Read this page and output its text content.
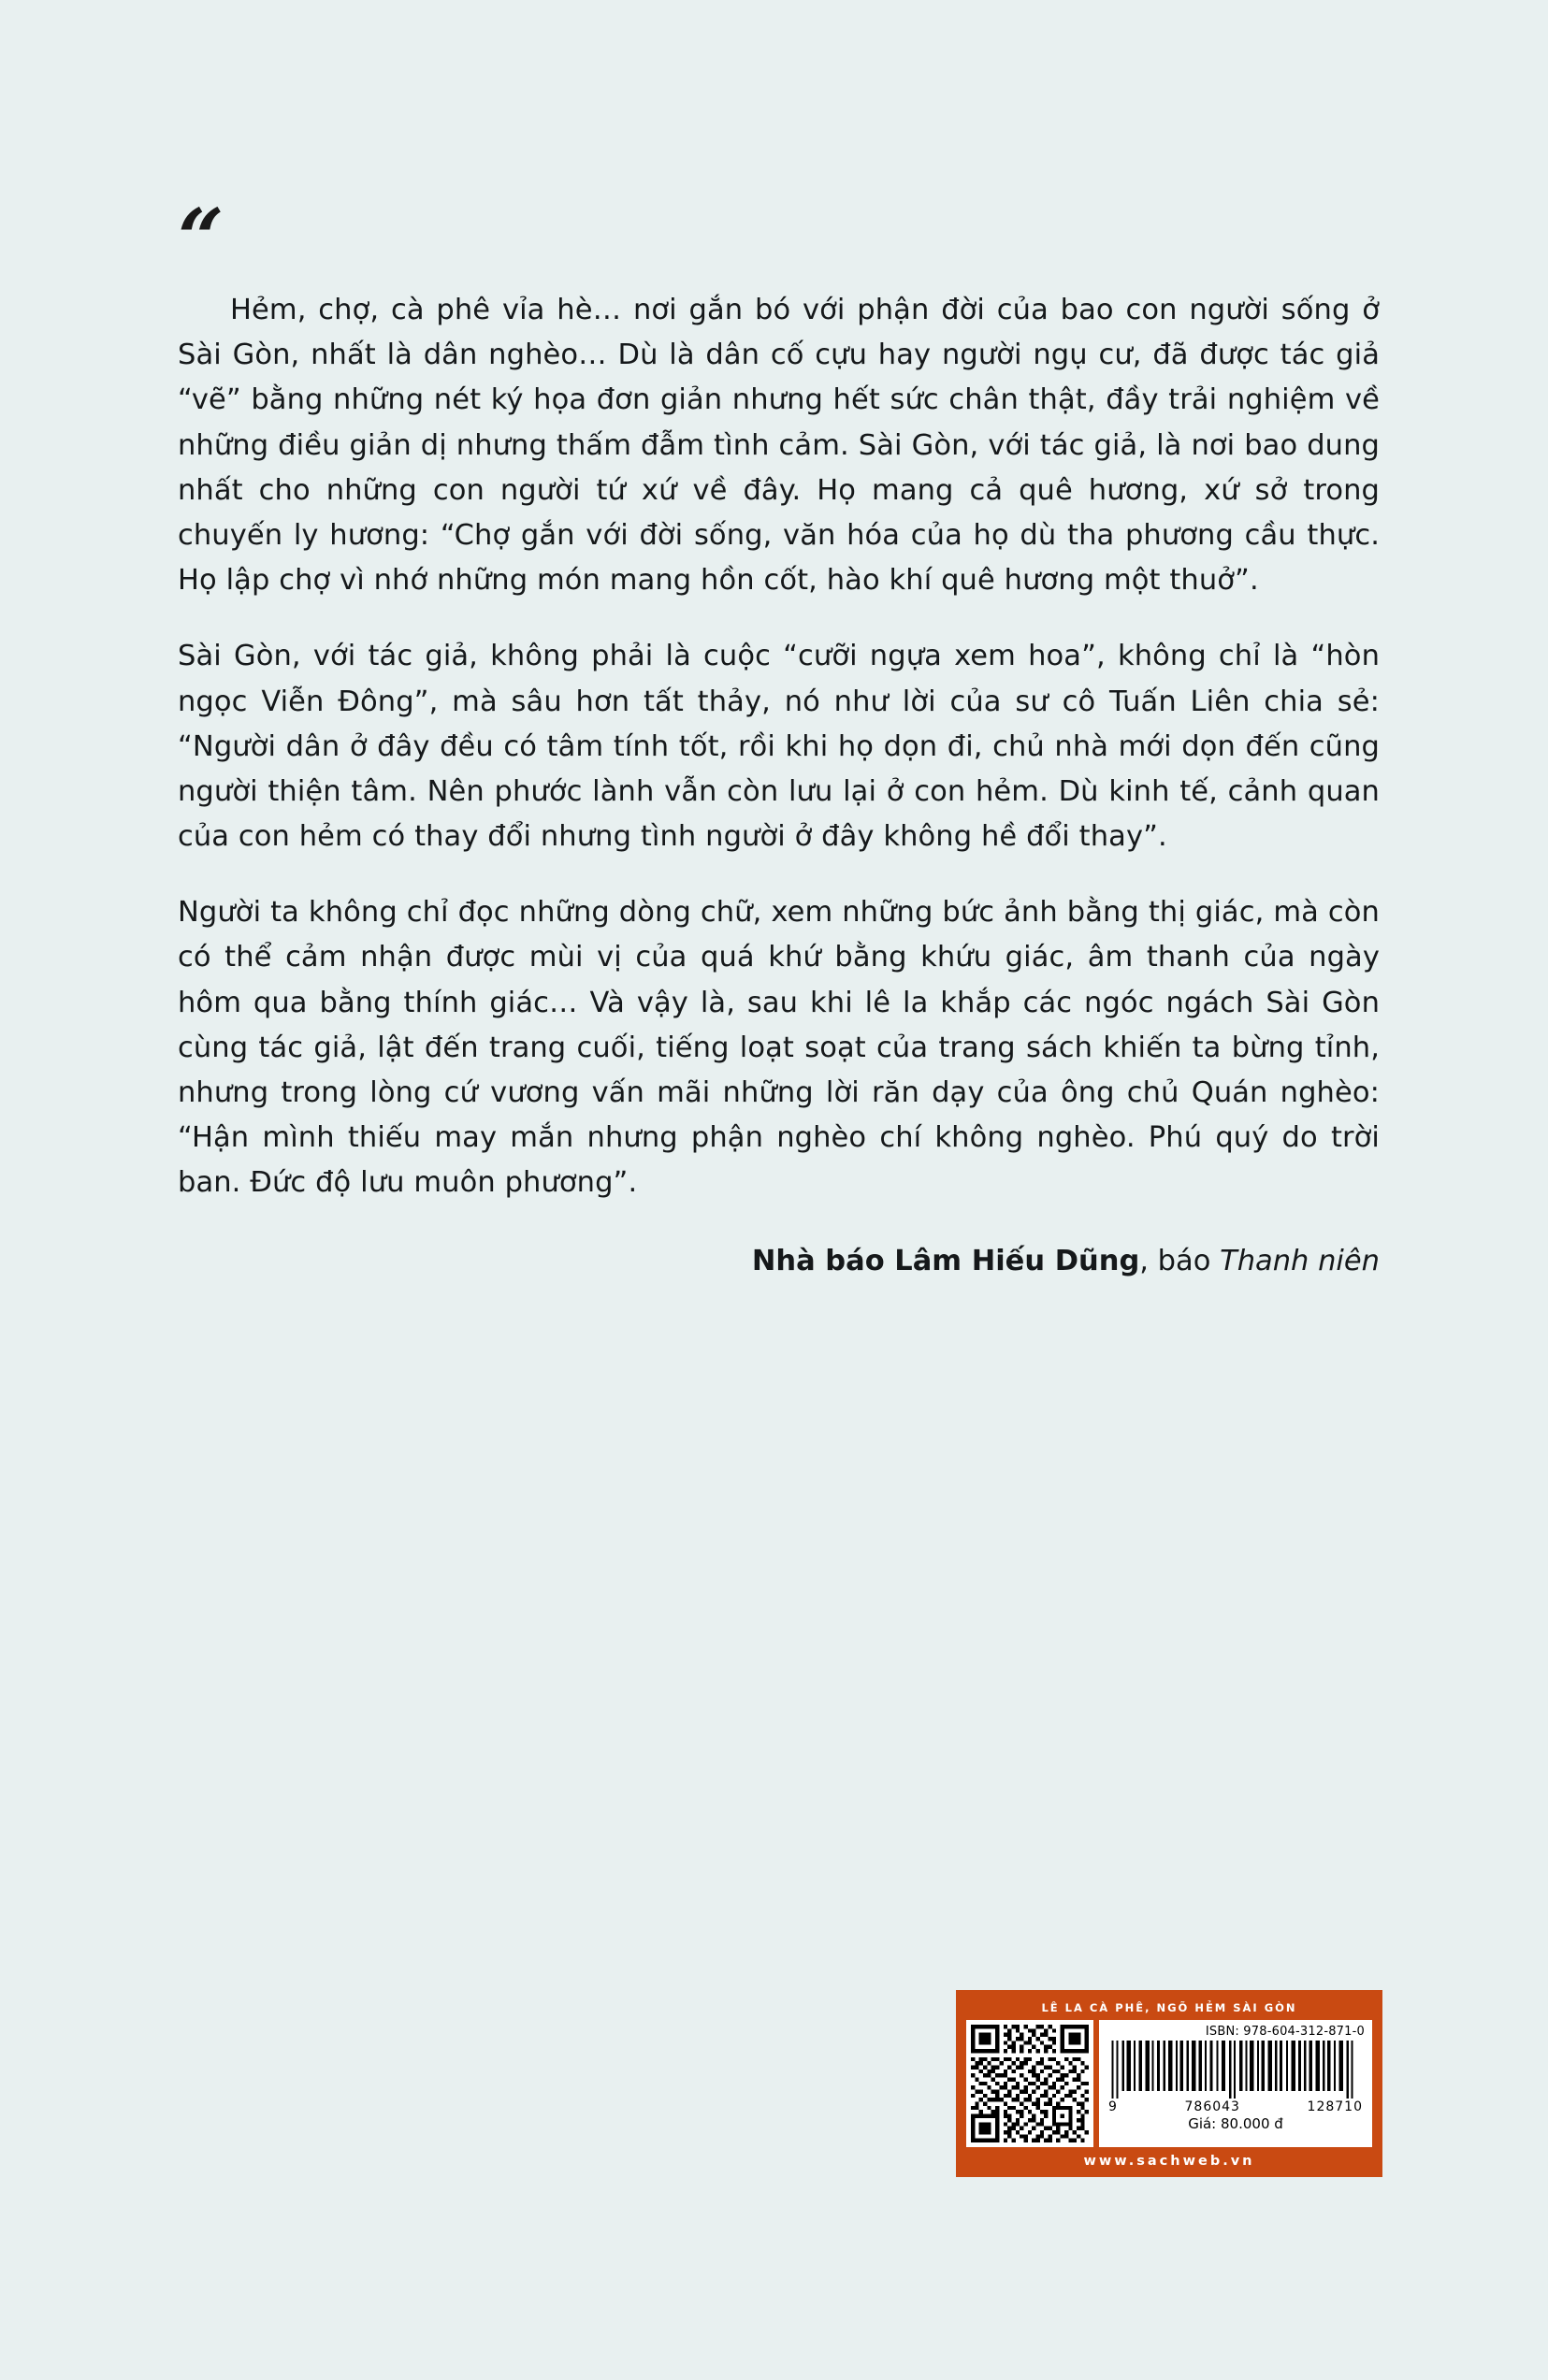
“

Hẻm, chợ, cà phê vỉa hè… nơi gắn bó với phận đời của bao con người sống ở Sài Gòn, nhất là dân nghèo… Dù là dân cố cựu hay người ngụ cư, đã được tác giả “vẽ” bằng những nét ký họa đơn giản nhưng hết sức chân thật, đầy trải nghiệm về những điều giản dị nhưng thấm đẫm tình cảm. Sài Gòn, với tác giả, là nơi bao dung nhất cho những con người tứ xứ về đây. Họ mang cả quê hương, xứ sở trong chuyến ly hương: “Chợ gắn với đời sống, văn hóa của họ dù tha phương cầu thực. Họ lập chợ vì nhớ những món mang hồn cốt, hào khí quê hương một thuở”.

Sài Gòn, với tác giả, không phải là cuộc “cưỡi ngựa xem hoa”, không chỉ là “hòn ngọc Viễn Đông”, mà sâu hơn tất thảy, nó như lời của sư cô Tuấn Liên chia sẻ: “Người dân ở đây đều có tâm tính tốt, rồi khi họ dọn đi, chủ nhà mới dọn đến cũng người thiện tâm. Nên phước lành vẫn còn lưu lại ở con hẻm. Dù kinh tế, cảnh quan của con hẻm có thay đổi nhưng tình người ở đây không hề đổi thay”.

Người ta không chỉ đọc những dòng chữ, xem những bức ảnh bằng thị giác, mà còn có thể cảm nhận được mùi vị của quá khứ bằng khứu giác, âm thanh của ngày hôm qua bằng thính giác… Và vậy là, sau khi lê la khắp các ngóc ngách Sài Gòn cùng tác giả, lật đến trang cuối, tiếng loạt soạt của trang sách khiến ta bừng tỉnh, nhưng trong lòng cứ vương vấn mãi những lời răn dạy của ông chủ Quán nghèo: “Hận mình thiếu may mắn nhưng phận nghèo chí không nghèo. Phú quý do trời ban. Đức độ lưu muôn phương”.

Nhà báo Lâm Hiếu Dũng, báo Thanh niên
LÊ LA CÀ PHÊ, NGÕ HẺM SÀI GÒN
ISBN: 978-604-312-871-0
9	786043	128710
Giá: 80.000 đ
www.sachweb.vn
